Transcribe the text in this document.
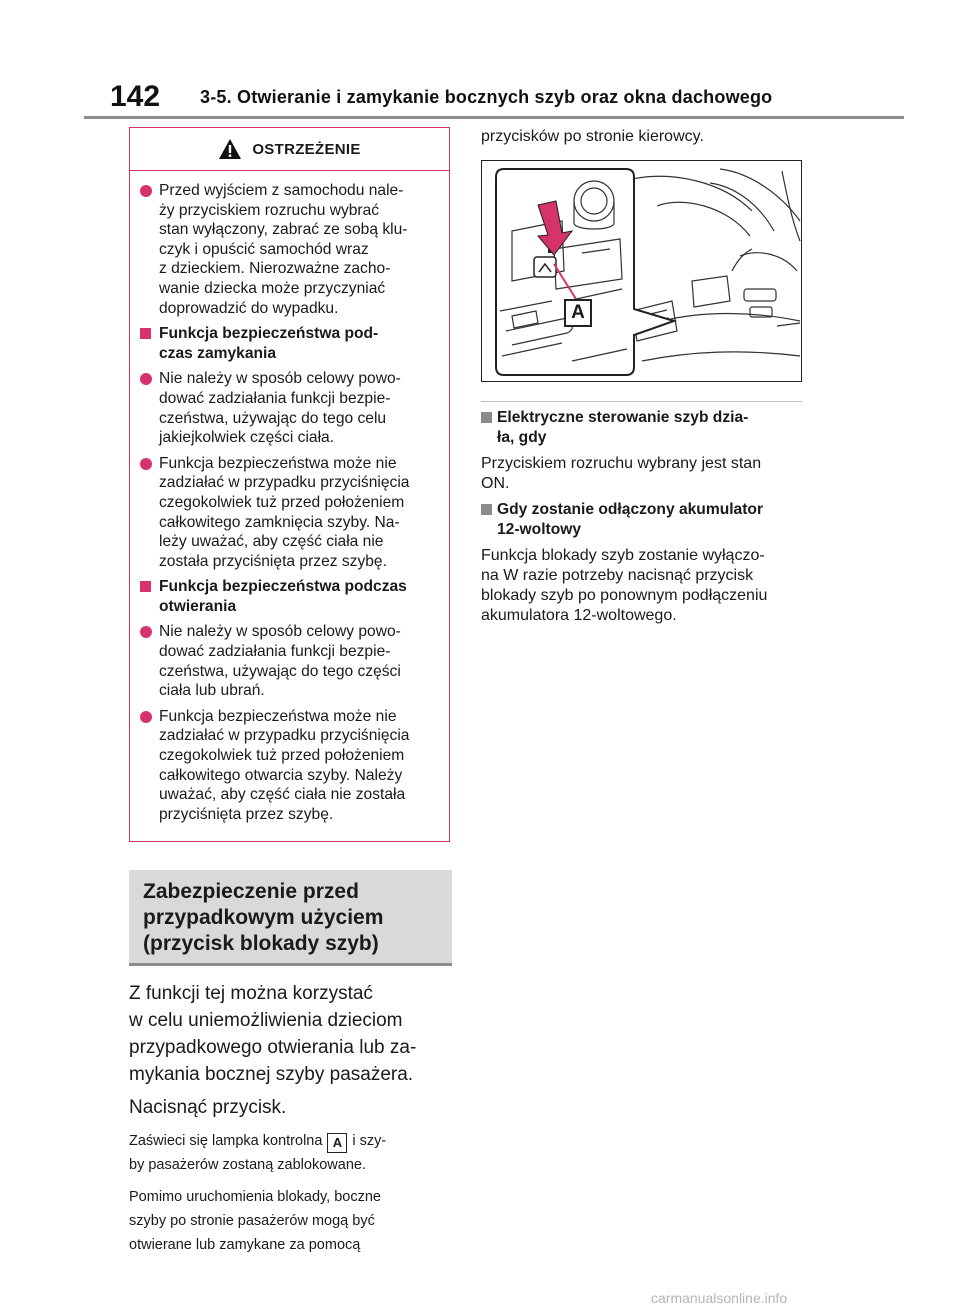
142 3-5. Otwieranie i zamykanie bocznych szyb oraz okna dachowego
OSTRZEŻENIE
Przed wyjściem z samochodu nale-
ży przyciskiem rozruchu wybrać
stan wyłączony, zabrać ze sobą klu-
czyk i opuścić samochód wraz
z dzieckiem. Nierozważne zacho-
wanie dziecka może przyczyniać
doprowadzić do wypadku.
Funkcja bezpieczeństwa pod-
czas zamykania
Nie należy w sposób celowy powo-
dować zadziałania funkcji bezpie-
czeństwa, używając do tego celu
jakiejkolwiek części ciała.
Funkcja bezpieczeństwa może nie
zadziałać w przypadku przyciśnięcia
czegokolwiek tuż przed położeniem
całkowitego zamknięcia szyby. Na-
leży uważać, aby część ciała nie
została przyciśnięta przez szybę.
Funkcja bezpieczeństwa podczas
otwierania
Nie należy w sposób celowy powo-
dować zadziałania funkcji bezpie-
czeństwa, używając do tego części
ciała lub ubrań.
Funkcja bezpieczeństwa może nie
zadziałać w przypadku przyciśnięcia
czegokolwiek tuż przed położeniem
całkowitego otwarcia szyby. Należy
uważać, aby część ciała nie została
przyciśnięta przez szybę.
Zabezpieczenie przed
przypadkowym użyciem
(przycisk blokady szyb)
Z funkcji tej można korzystać
w celu uniemożliwienia dzieciom
przypadkowego otwierania lub za-
mykania bocznej szyby pasażera.
Nacisnąć przycisk.
Zaświeci się lampka kontrolna A i szy-
by pasażerów zostaną zablokowane.
Pomimo uruchomienia blokady, boczne
szyby po stronie pasażerów mogą być
otwierane lub zamykane za pomocą
przycisków po stronie kierowcy.
A
Elektryczne sterowanie szyb dzia-
ła, gdy
Przyciskiem rozruchu wybrany jest stan
ON.
Gdy zostanie odłączony akumulator
12-woltowy
Funkcja blokady szyb zostanie wyłączo-
na W razie potrzeby nacisnąć przycisk
blokady szyb po ponownym podłączeniu
akumulatora 12-woltowego.
carmanualsonline.info
